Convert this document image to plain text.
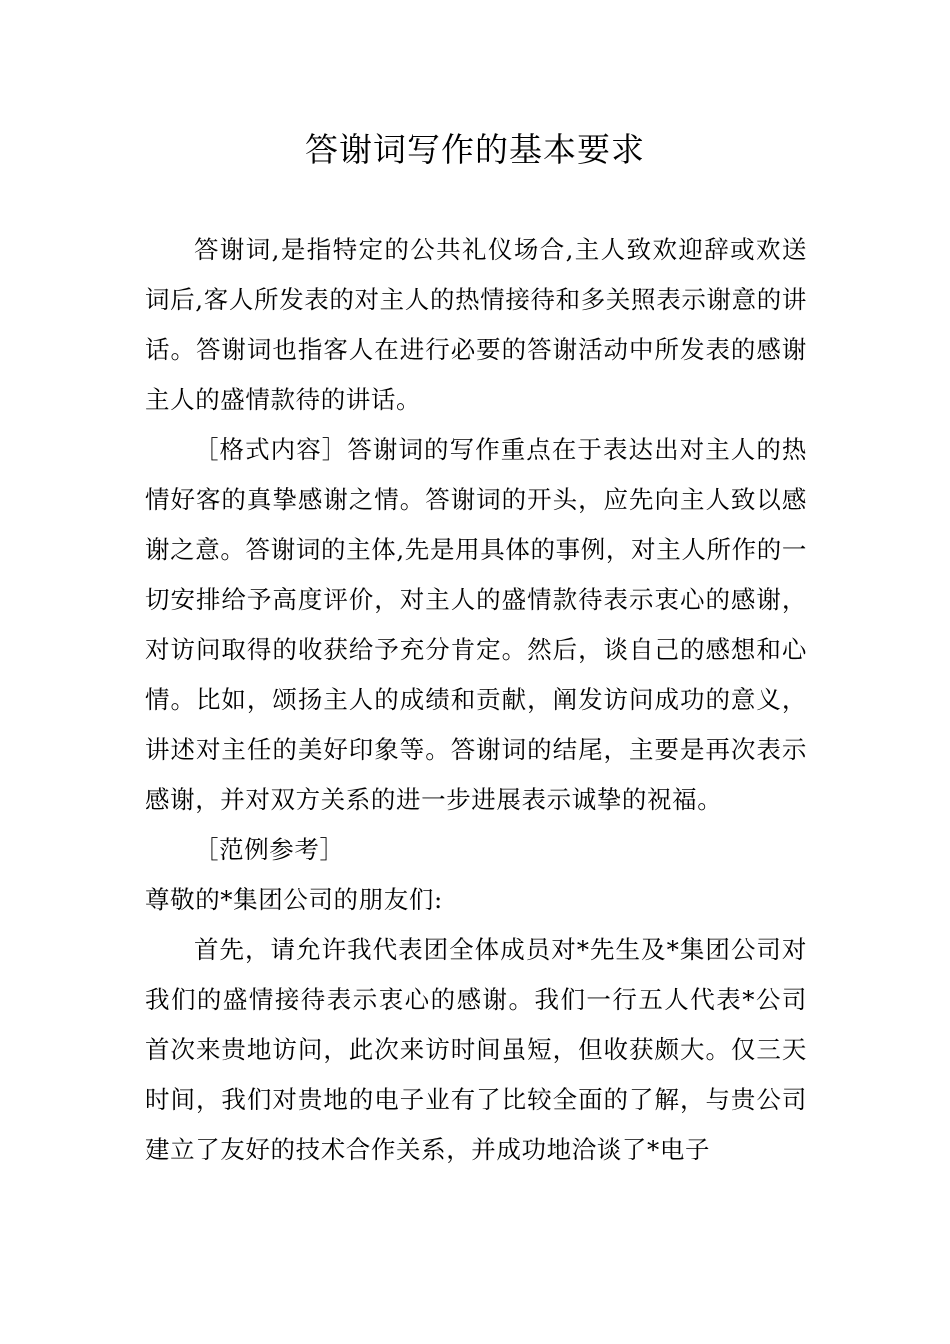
答谢词写作的基本要求

答谢词,是指特定的公共礼仪场合,主人致欢迎辞或欢送词后,客人所发表的对主人的热情接待和多关照表示谢意的讲话。答谢词也指客人在进行必要的答谢活动中所发表的感谢主人的盛情款待的讲话。

［格式内容］答谢词的写作重点在于表达出对主人的热情好客的真挚感谢之情。答谢词的开头，应先向主人致以感谢之意。答谢词的主体,先是用具体的事例，对主人所作的一切安排给予高度评价，对主人的盛情款待表示衷心的感谢，对访问取得的收获给予充分肯定。然后，谈自己的感想和心情。比如，颂扬主人的成绩和贡献，阐发访问成功的意义，讲述对主任的美好印象等。答谢词的结尾，主要是再次表示感谢，并对双方关系的进一步进展表示诚挚的祝福。

［范例参考］

尊敬的*集团公司的朋友们:

首先，请允许我代表团全体成员对*先生及*集团公司对我们的盛情接待表示衷心的感谢。我们一行五人代表*公司首次来贵地访问，此次来访时间虽短，但收获颇大。仅三天时间，我们对贵地的电子业有了比较全面的了解，与贵公司建立了友好的技术合作关系，并成功地洽谈了*电子
